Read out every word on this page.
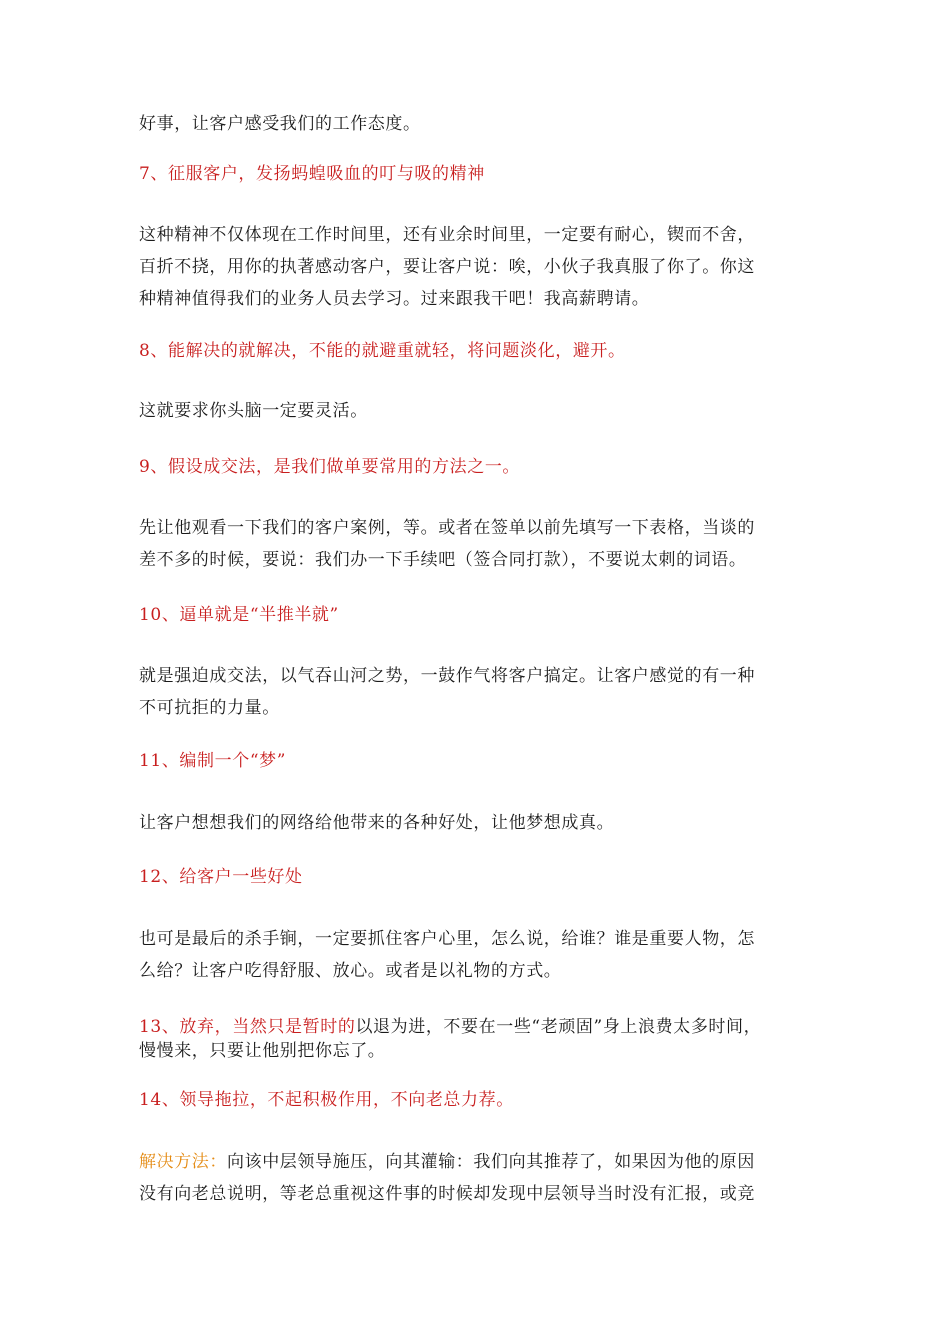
好事，让客户感受我们的工作态度。
7、征服客户，发扬蚂蝗吸血的叮与吸的精神
这种精神不仅体现在工作时间里，还有业余时间里，一定要有耐心，锲而不舍，
百折不挠，用你的执著感动客户，要让客户说：唉，小伙子我真服了你了。你这
种精神值得我们的业务人员去学习。过来跟我干吧！我高薪聘请。
8、能解决的就解决，不能的就避重就轻，将问题淡化，避开。
这就要求你头脑一定要灵活。
9、假设成交法，是我们做单要常用的方法之一。
先让他观看一下我们的客户案例，等。或者在签单以前先填写一下表格，当谈的
差不多的时候，要说：我们办一下手续吧（签合同打款），不要说太刺的词语。
10、逼单就是“半推半就”
就是强迫成交法，以气吞山河之势，一鼓作气将客户搞定。让客户感觉的有一种
不可抗拒的力量。
11、编制一个“梦”
让客户想想我们的网络给他带来的各种好处，让他梦想成真。
12、给客户一些好处
也可是最后的杀手锏，一定要抓住客户心里，怎么说，给谁？谁是重要人物，怎
么给？让客户吃得舒服、放心。或者是以礼物的方式。
13、放弃，当然只是暂时的以退为进，不要在一些“老顽固”身上浪费太多时间，
慢慢来，只要让他别把你忘了。
14、领导拖拉，不起积极作用，不向老总力荐。
解决方法：向该中层领导施压，向其灌输：我们向其推荐了，如果因为他的原因
没有向老总说明，等老总重视这件事的时候却发现中层领导当时没有汇报，或竞
